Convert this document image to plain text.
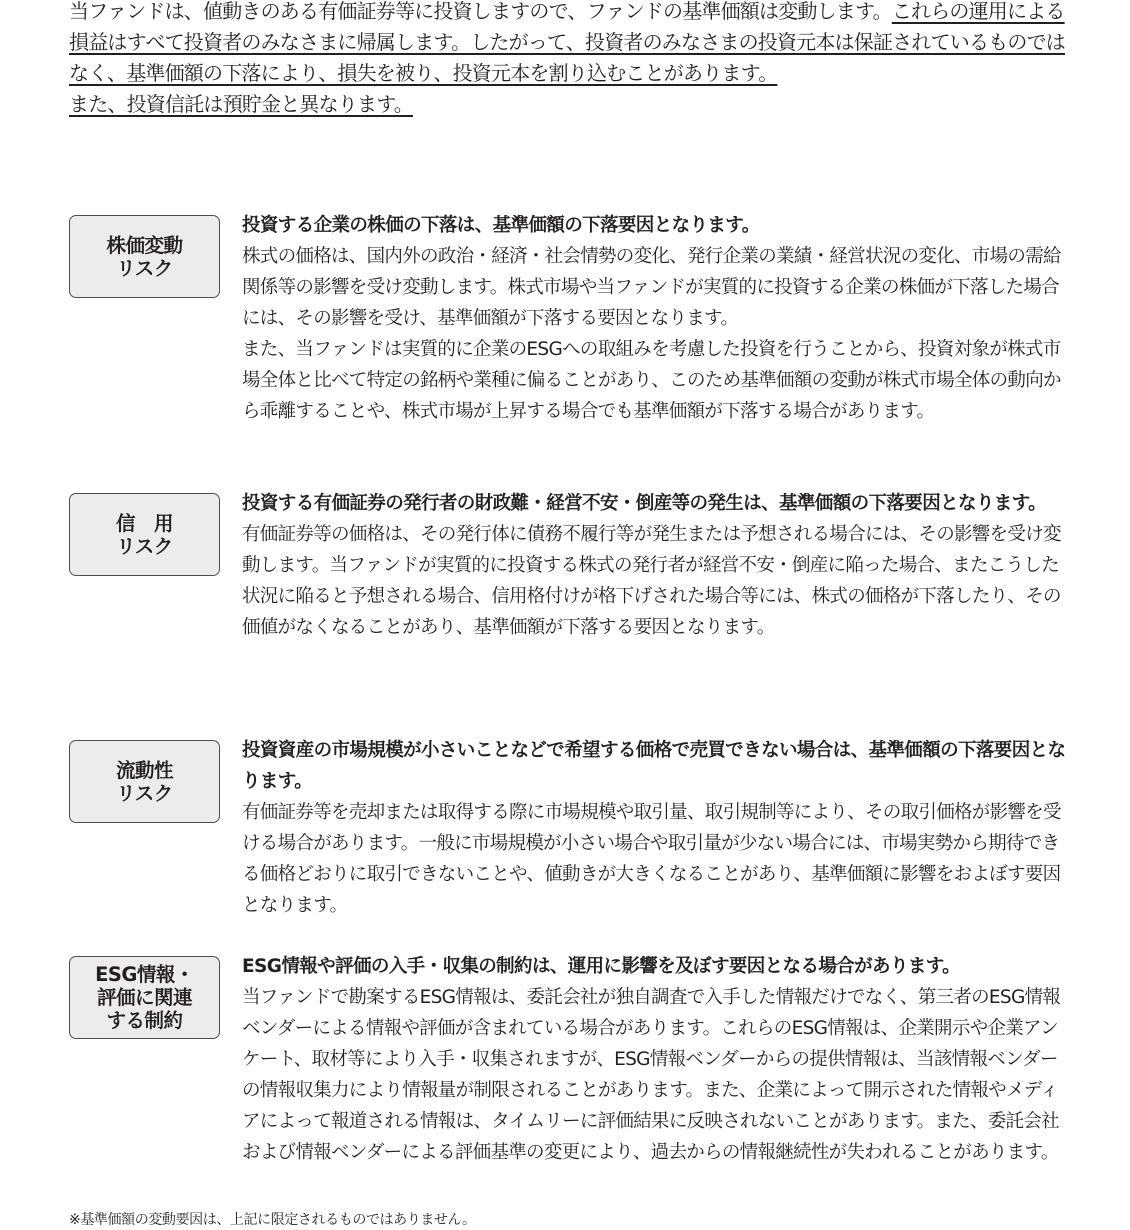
当ファンドは、値動きのある有価証券等に投資しますので、ファンドの基準価額は変動します。これらの運用による損益はすべて投資者のみなさまに帰属します。したがって、投資者のみなさまの投資元本は保証されているものではなく、基準価額の下落により、損失を被り、投資元本を割り込むことがあります。

また、投資信託は預貯金と異なります。

株価変動
リスク

投資する企業の株価の下落は、基準価額の下落要因となります。

株式の価格は、国内外の政治・経済・社会情勢の変化、発行企業の業績・経営状況の変化、市場の需給関係等の影響を受け変動します。株式市場や当ファンドが実質的に投資する企業の株価が下落した場合には、その影響を受け、基準価額が下落する要因となります。

また、当ファンドは実質的に企業のESGへの取組みを考慮した投資を行うことから、投資対象が株式市場全体と比べて特定の銘柄や業種に偏ることがあり、このため基準価額の変動が株式市場全体の動向から乖離することや、株式市場が上昇する場合でも基準価額が下落する場合があります。

信　用
リスク

投資する有価証券の発行者の財政難・経営不安・倒産等の発生は、基準価額の下落要因となります。

有価証券等の価格は、その発行体に債務不履行等が発生または予想される場合には、その影響を受け変動します。当ファンドが実質的に投資する株式の発行者が経営不安・倒産に陥った場合、またこうした状況に陥ると予想される場合、信用格付けが格下げされた場合等には、株式の価格が下落したり、その価値がなくなることがあり、基準価額が下落する要因となります。

流動性
リスク

投資資産の市場規模が小さいことなどで希望する価格で売買できない場合は、基準価額の下落要因となります。

有価証券等を売却または取得する際に市場規模や取引量、取引規制等により、その取引価格が影響を受ける場合があります。一般に市場規模が小さい場合や取引量が少ない場合には、市場実勢から期待できる価格どおりに取引できないことや、値動きが大きくなることがあり、基準価額に影響をおよぼす要因となります。

ESG情報・
評価に関連
する制約

ESG情報や評価の入手・収集の制約は、運用に影響を及ぼす要因となる場合があります。

当ファンドで勘案するESG情報は、委託会社が独自調査で入手した情報だけでなく、第三者のESG情報ベンダーによる情報や評価が含まれている場合があります。これらのESG情報は、企業開示や企業アンケート、取材等により入手・収集されますが、ESG情報ベンダーからの提供情報は、当該情報ベンダーの情報収集力により情報量が制限されることがあります。また、企業によって開示された情報やメディアによって報道される情報は、タイムリーに評価結果に反映されないことがあります。また、委託会社および情報ベンダーによる評価基準の変更により、過去からの情報継続性が失われることがあります。

※基準価額の変動要因は、上記に限定されるものではありません。
